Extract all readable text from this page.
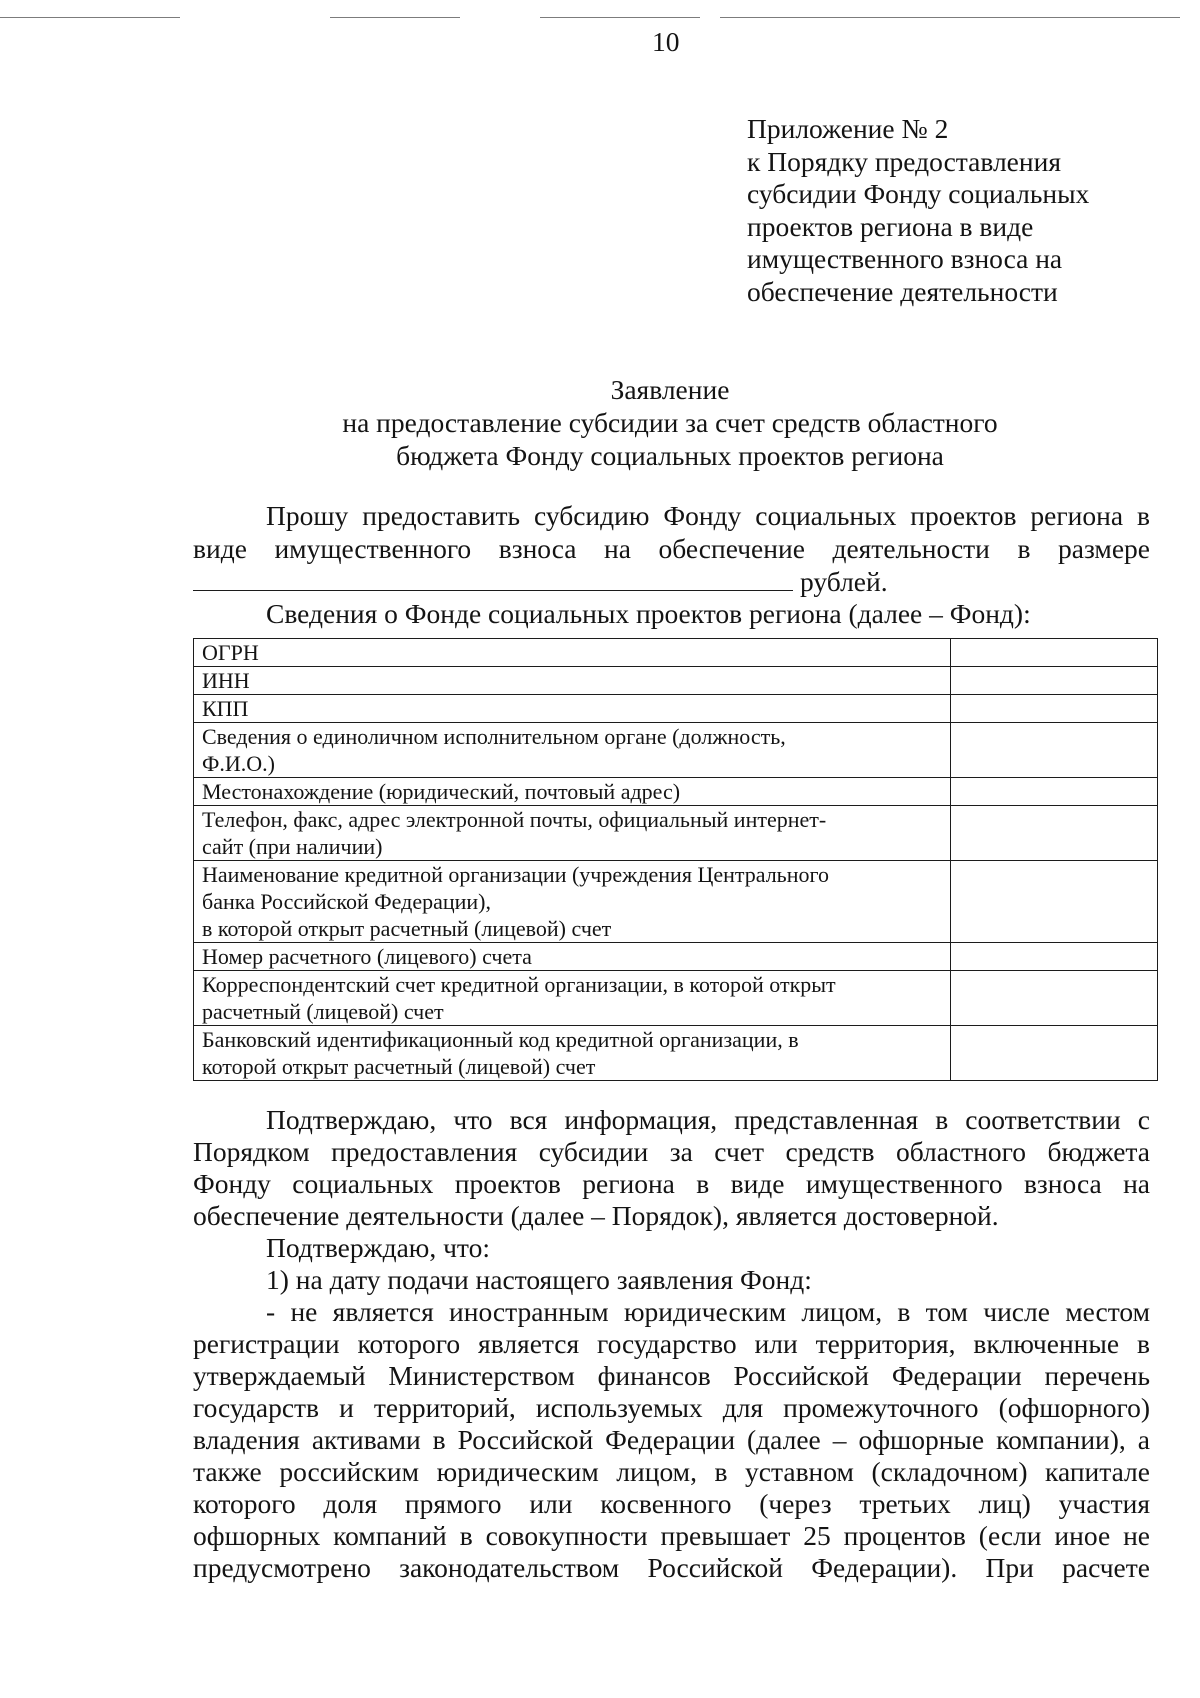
10
Приложение № 2
к Порядку предоставления
субсидии Фонду социальных
проектов региона в виде
имущественного взноса на
обеспечение деятельности
Заявление
на предоставление субсидии за счет средств областного
бюджета Фонду социальных проектов региона
Прошу предоставить субсидию Фонду социальных проектов региона в
виде имущественного взноса на обеспечение деятельности в размере
рублей.
Сведения о Фонде социальных проектов региона (далее – Фонд):
ОГРН	

ИНН	

КПП	

Сведения о единоличном исполнительном органе (должность,
Ф.И.О.)	

Местонахождение (юридический, почтовый адрес)	

Телефон, факс, адрес электронной почты, официальный интернет-
сайт (при наличии)	

Наименование кредитной организации (учреждения Центрального
банка Российской Федерации),
в которой открыт расчетный (лицевой) счет	

Номер расчетного (лицевого) счета	

Корреспондентский счет кредитной организации, в которой открыт
расчетный (лицевой) счет	

Банковский идентификационный код кредитной организации, в
которой открыт расчетный (лицевой) счет	

Подтверждаю, что вся информация, представленная в соответствии с
Порядком предоставления субсидии за счет средств областного бюджета
Фонду социальных проектов региона в виде имущественного взноса на
обеспечение деятельности (далее – Порядок), является достоверной.
Подтверждаю, что:
1) на дату подачи настоящего заявления Фонд:
- не является иностранным юридическим лицом, в том числе местом
регистрации которого является государство или территория, включенные в
утверждаемый Министерством финансов Российской Федерации перечень
государств и территорий, используемых для промежуточного (офшорного)
владения активами в Российской Федерации (далее – офшорные компании), а
также российским юридическим лицом, в уставном (складочном) капитале
которого доля прямого или косвенного (через третьих лиц) участия
офшорных компаний в совокупности превышает 25 процентов (если иное не
предусмотрено законодательством Российской Федерации). При расчете
